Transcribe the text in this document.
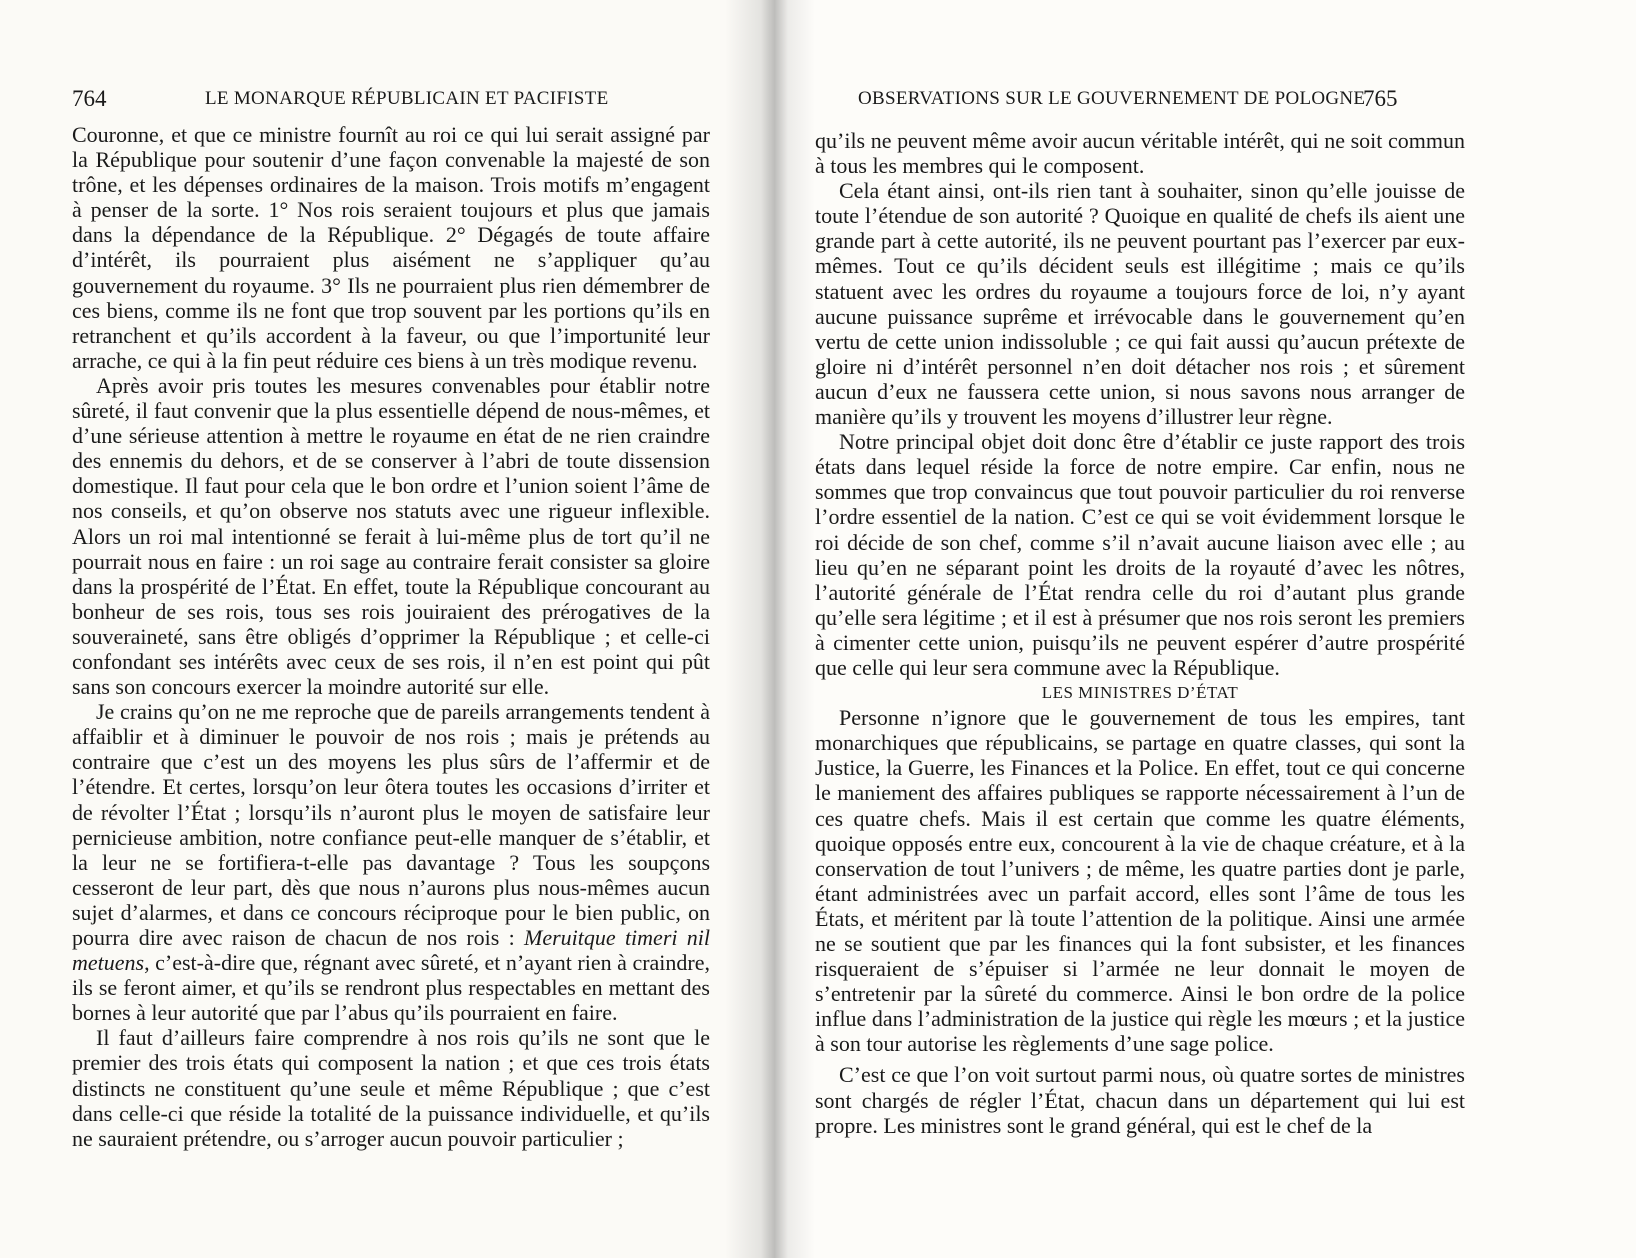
764	LE MONARQUE RÉPUBLICAIN ET PACIFISTE

Couronne, et que ce ministre fournît au roi ce qui lui serait assigné par la République pour soutenir d’une façon convenable la majesté de son trône, et les dépenses ordinaires de la maison. Trois motifs m’engagent à penser de la sorte. 1° Nos rois seraient toujours et plus que jamais dans la dépendance de la République. 2° Dégagés de toute affaire d’intérêt, ils pourraient plus aisément ne s’appliquer qu’au gouvernement du royaume. 3° Ils ne pourraient plus rien démembrer de ces biens, comme ils ne font que trop souvent par les portions qu’ils en retranchent et qu’ils accordent à la faveur, ou que l’importunité leur arrache, ce qui à la fin peut réduire ces biens à un très modique revenu.

Après avoir pris toutes les mesures convenables pour établir notre sûreté, il faut convenir que la plus essentielle dépend de nous-mêmes, et d’une sérieuse attention à mettre le royaume en état de ne rien craindre des ennemis du dehors, et de se conserver à l’abri de toute dissension domestique. Il faut pour cela que le bon ordre et l’union soient l’âme de nos conseils, et qu’on observe nos statuts avec une rigueur inflexible. Alors un roi mal intentionné se ferait à lui-même plus de tort qu’il ne pourrait nous en faire : un roi sage au contraire ferait consister sa gloire dans la prospérité de l’État. En effet, toute la République concourant au bonheur de ses rois, tous ses rois jouiraient des prérogatives de la souveraineté, sans être obligés d’opprimer la République ; et celle-ci confondant ses intérêts avec ceux de ses rois, il n’en est point qui pût sans son concours exercer la moindre autorité sur elle.

Je crains qu’on ne me reproche que de pareils arrangements tendent à affaiblir et à diminuer le pouvoir de nos rois ; mais je prétends au contraire que c’est un des moyens les plus sûrs de l’affermir et de l’étendre. Et certes, lorsqu’on leur ôtera toutes les occasions d’irriter et de révolter l’État ; lorsqu’ils n’auront plus le moyen de satisfaire leur pernicieuse ambition, notre confiance peut-elle manquer de s’établir, et la leur ne se fortifiera-t-elle pas davantage ? Tous les soupçons cesseront de leur part, dès que nous n’aurons plus nous-mêmes aucun sujet d’alarmes, et dans ce concours réciproque pour le bien public, on pourra dire avec raison de chacun de nos rois : Meruitque timeri nil metuens, c’est-à-dire que, régnant avec sûreté, et n’ayant rien à craindre, ils se feront aimer, et qu’ils se rendront plus respectables en mettant des bornes à leur autorité que par l’abus qu’ils pourraient en faire.

Il faut d’ailleurs faire comprendre à nos rois qu’ils ne sont que le premier des trois états qui composent la nation ; et que ces trois états distincts ne constituent qu’une seule et même République ; que c’est dans celle-ci que réside la totalité de la puissance individuelle, et qu’ils ne sauraient prétendre, ou s’arroger aucun pouvoir particulier ;

OBSERVATIONS SUR LE GOUVERNEMENT DE POLOGNE
765

qu’ils ne peuvent même avoir aucun véritable intérêt, qui ne soit commun à tous les membres qui le composent.

Cela étant ainsi, ont-ils rien tant à souhaiter, sinon qu’elle jouisse de toute l’étendue de son autorité ? Quoique en qualité de chefs ils aient une grande part à cette autorité, ils ne peuvent pourtant pas l’exercer par eux-mêmes. Tout ce qu’ils décident seuls est illégitime ; mais ce qu’ils statuent avec les ordres du royaume a toujours force de loi, n’y ayant aucune puissance suprême et irrévocable dans le gouvernement qu’en vertu de cette union indissoluble ; ce qui fait aussi qu’aucun prétexte de gloire ni d’intérêt personnel n’en doit détacher nos rois ; et sûrement aucun d’eux ne faussera cette union, si nous savons nous arranger de manière qu’ils y trouvent les moyens d’illustrer leur règne.

Notre principal objet doit donc être d’établir ce juste rapport des trois états dans lequel réside la force de notre empire. Car enfin, nous ne sommes que trop convaincus que tout pouvoir particulier du roi renverse l’ordre essentiel de la nation. C’est ce qui se voit évidemment lorsque le roi décide de son chef, comme s’il n’avait aucune liaison avec elle ; au lieu qu’en ne séparant point les droits de la royauté d’avec les nôtres, l’autorité générale de l’État rendra celle du roi d’autant plus grande qu’elle sera légitime ; et il est à présumer que nos rois seront les premiers à cimenter cette union, puisqu’ils ne peuvent espérer d’autre prospérité que celle qui leur sera commune avec la République.

LES MINISTRES D’ÉTAT

Personne n’ignore que le gouvernement de tous les empires, tant monarchiques que républicains, se partage en quatre classes, qui sont la Justice, la Guerre, les Finances et la Police. En effet, tout ce qui concerne le maniement des affaires publiques se rapporte nécessairement à l’un de ces quatre chefs. Mais il est certain que comme les quatre éléments, quoique opposés entre eux, concourent à la vie de chaque créature, et à la conservation de tout l’univers ; de même, les quatre parties dont je parle, étant administrées avec un parfait accord, elles sont l’âme de tous les États, et méritent par là toute l’attention de la politique. Ainsi une armée ne se soutient que par les finances qui la font subsister, et les finances risqueraient de s’épuiser si l’armée ne leur donnait le moyen de s’entretenir par la sûreté du commerce. Ainsi le bon ordre de la police influe dans l’administration de la justice qui règle les mœurs ; et la justice à son tour autorise les règlements d’une sage police.

C’est ce que l’on voit surtout parmi nous, où quatre sortes de ministres sont chargés de régler l’État, chacun dans un département qui lui est propre. Les ministres sont le grand général, qui est le chef de la
